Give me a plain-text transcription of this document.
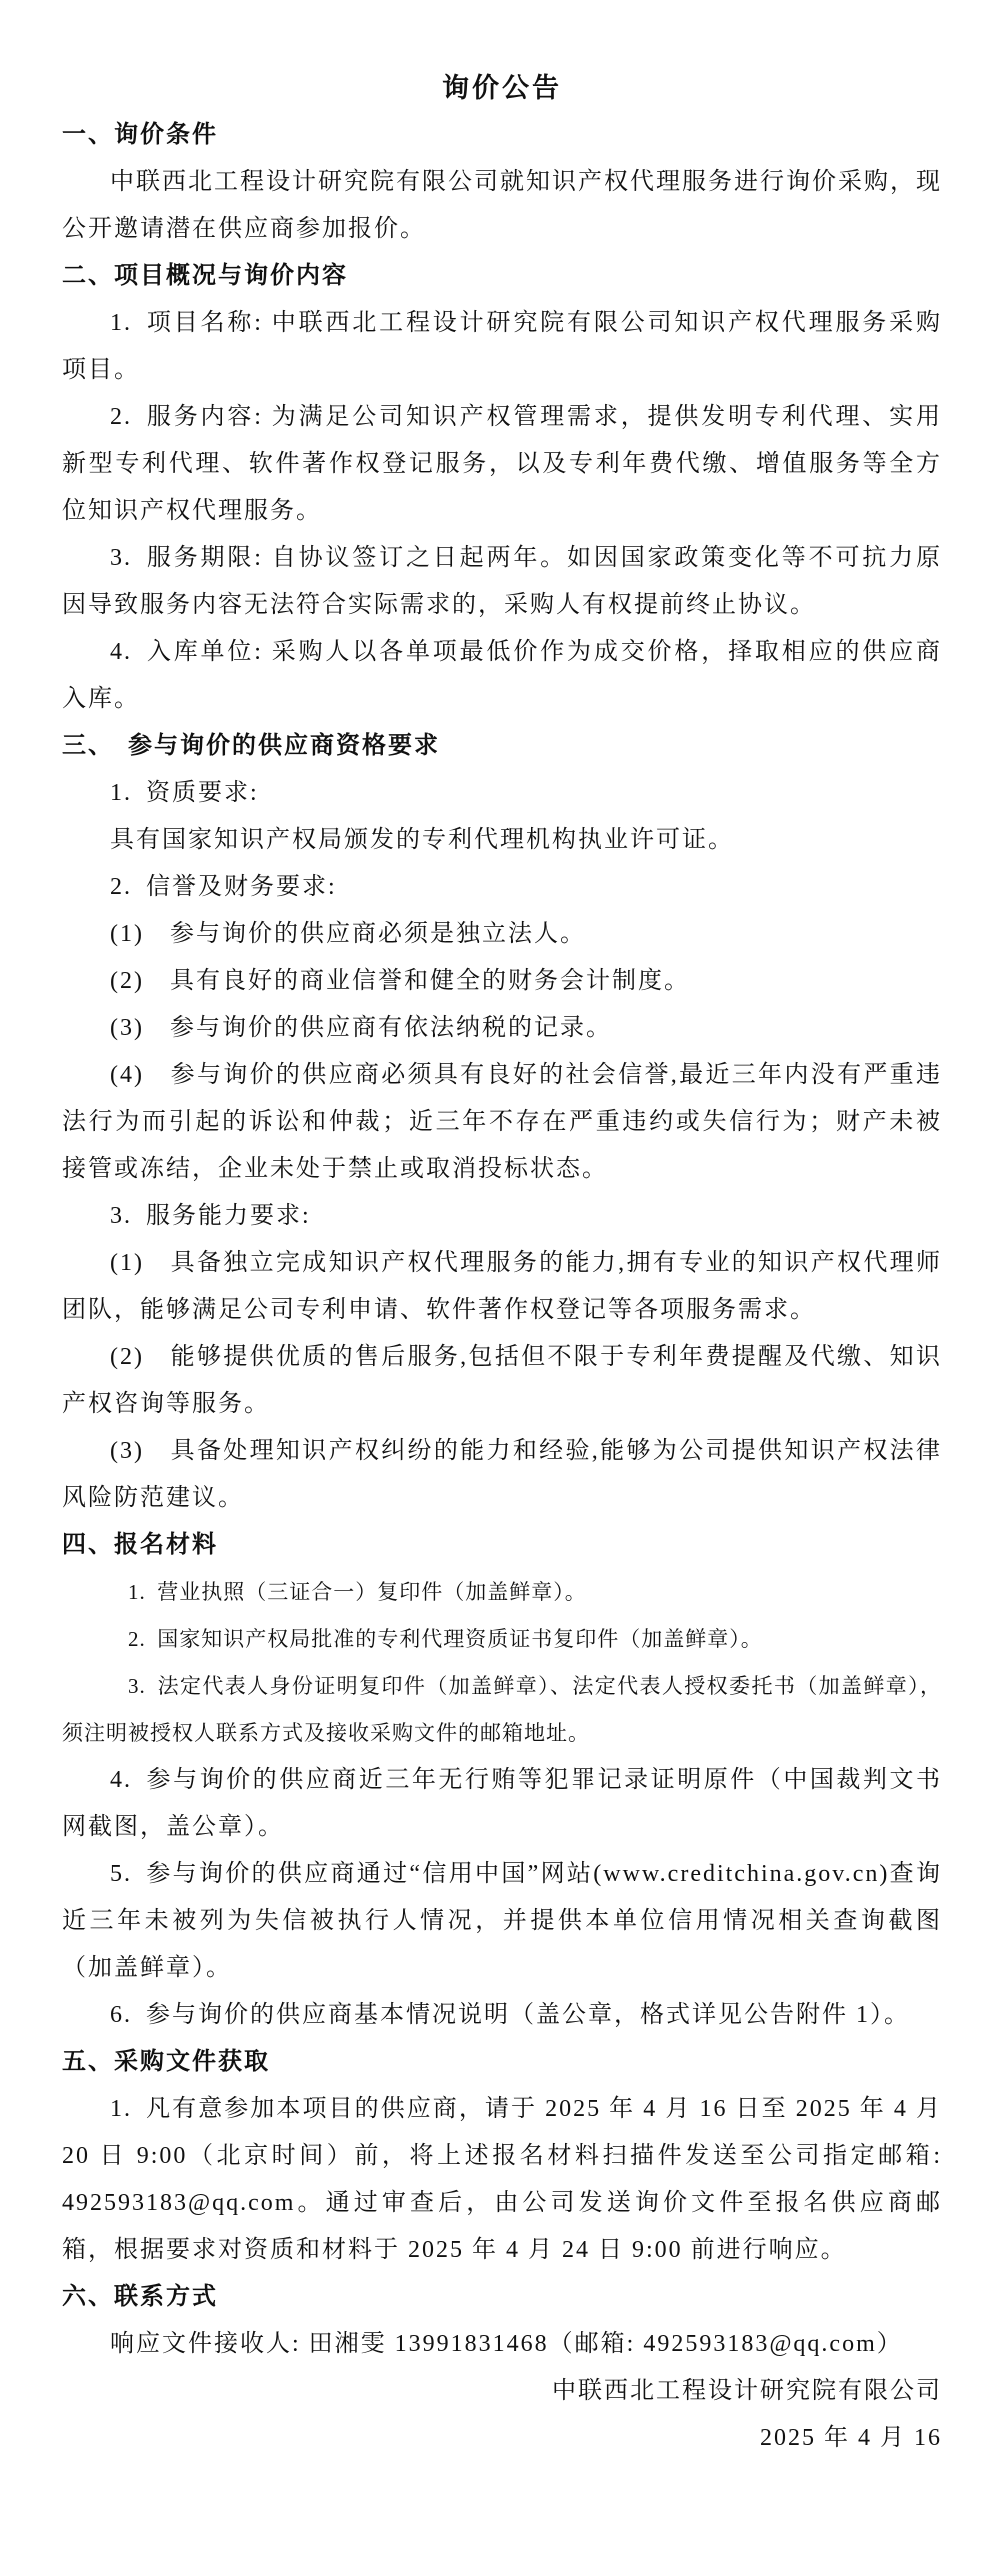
询价公告

一、询价条件

中联西北工程设计研究院有限公司就知识产权代理服务进行询价采购，现公开邀请潜在供应商参加报价。

二、项目概况与询价内容

1. 项目名称: 中联西北工程设计研究院有限公司知识产权代理服务采购项目。

2. 服务内容: 为满足公司知识产权管理需求，提供发明专利代理、实用新型专利代理、软件著作权登记服务，以及专利年费代缴、增值服务等全方位知识产权代理服务。

3. 服务期限: 自协议签订之日起两年。如因国家政策变化等不可抗力原因导致服务内容无法符合实际需求的，采购人有权提前终止协议。

4. 入库单位: 采购人以各单项最低价作为成交价格，择取相应的供应商入库。

三、 参与询价的供应商资格要求

1. 资质要求:

具有国家知识产权局颁发的专利代理机构执业许可证。

2. 信誉及财务要求:

(1)　参与询价的供应商必须是独立法人。

(2)　具有良好的商业信誉和健全的财务会计制度。

(3)　参与询价的供应商有依法纳税的记录。

(4)　参与询价的供应商必须具有良好的社会信誉,最近三年内没有严重违法行为而引起的诉讼和仲裁；近三年不存在严重违约或失信行为；财产未被接管或冻结，企业未处于禁止或取消投标状态。

3. 服务能力要求:

(1)　具备独立完成知识产权代理服务的能力,拥有专业的知识产权代理师团队，能够满足公司专利申请、软件著作权登记等各项服务需求。

(2)　能够提供优质的售后服务,包括但不限于专利年费提醒及代缴、知识产权咨询等服务。

(3)　具备处理知识产权纠纷的能力和经验,能够为公司提供知识产权法律风险防范建议。

四、报名材料

1. 营业执照（三证合一）复印件（加盖鲜章）。

2. 国家知识产权局批准的专利代理资质证书复印件（加盖鲜章）。

3. 法定代表人身份证明复印件（加盖鲜章）、法定代表人授权委托书（加盖鲜章），须注明被授权人联系方式及接收采购文件的邮箱地址。

4. 参与询价的供应商近三年无行贿等犯罪记录证明原件（中国裁判文书网截图，盖公章）。

5. 参与询价的供应商通过“信用中国”网站(www.creditchina.gov.cn)查询近三年未被列为失信被执行人情况，并提供本单位信用情况相关查询截图（加盖鲜章）。

6. 参与询价的供应商基本情况说明（盖公章，格式详见公告附件 1）。

五、采购文件获取

1. 凡有意参加本项目的供应商，请于 2025 年 4 月 16 日至 2025 年 4 月 20 日 9:00（北京时间）前，将上述报名材料扫描件发送至公司指定邮箱: 492593183@qq.com。通过审查后，由公司发送询价文件至报名供应商邮箱，根据要求对资质和材料于 2025 年 4 月 24 日 9:00 前进行响应。

六、联系方式

响应文件接收人: 田湘雯 13991831468（邮箱: 492593183@qq.com）

中联西北工程设计研究院有限公司

2025 年 4 月 16
